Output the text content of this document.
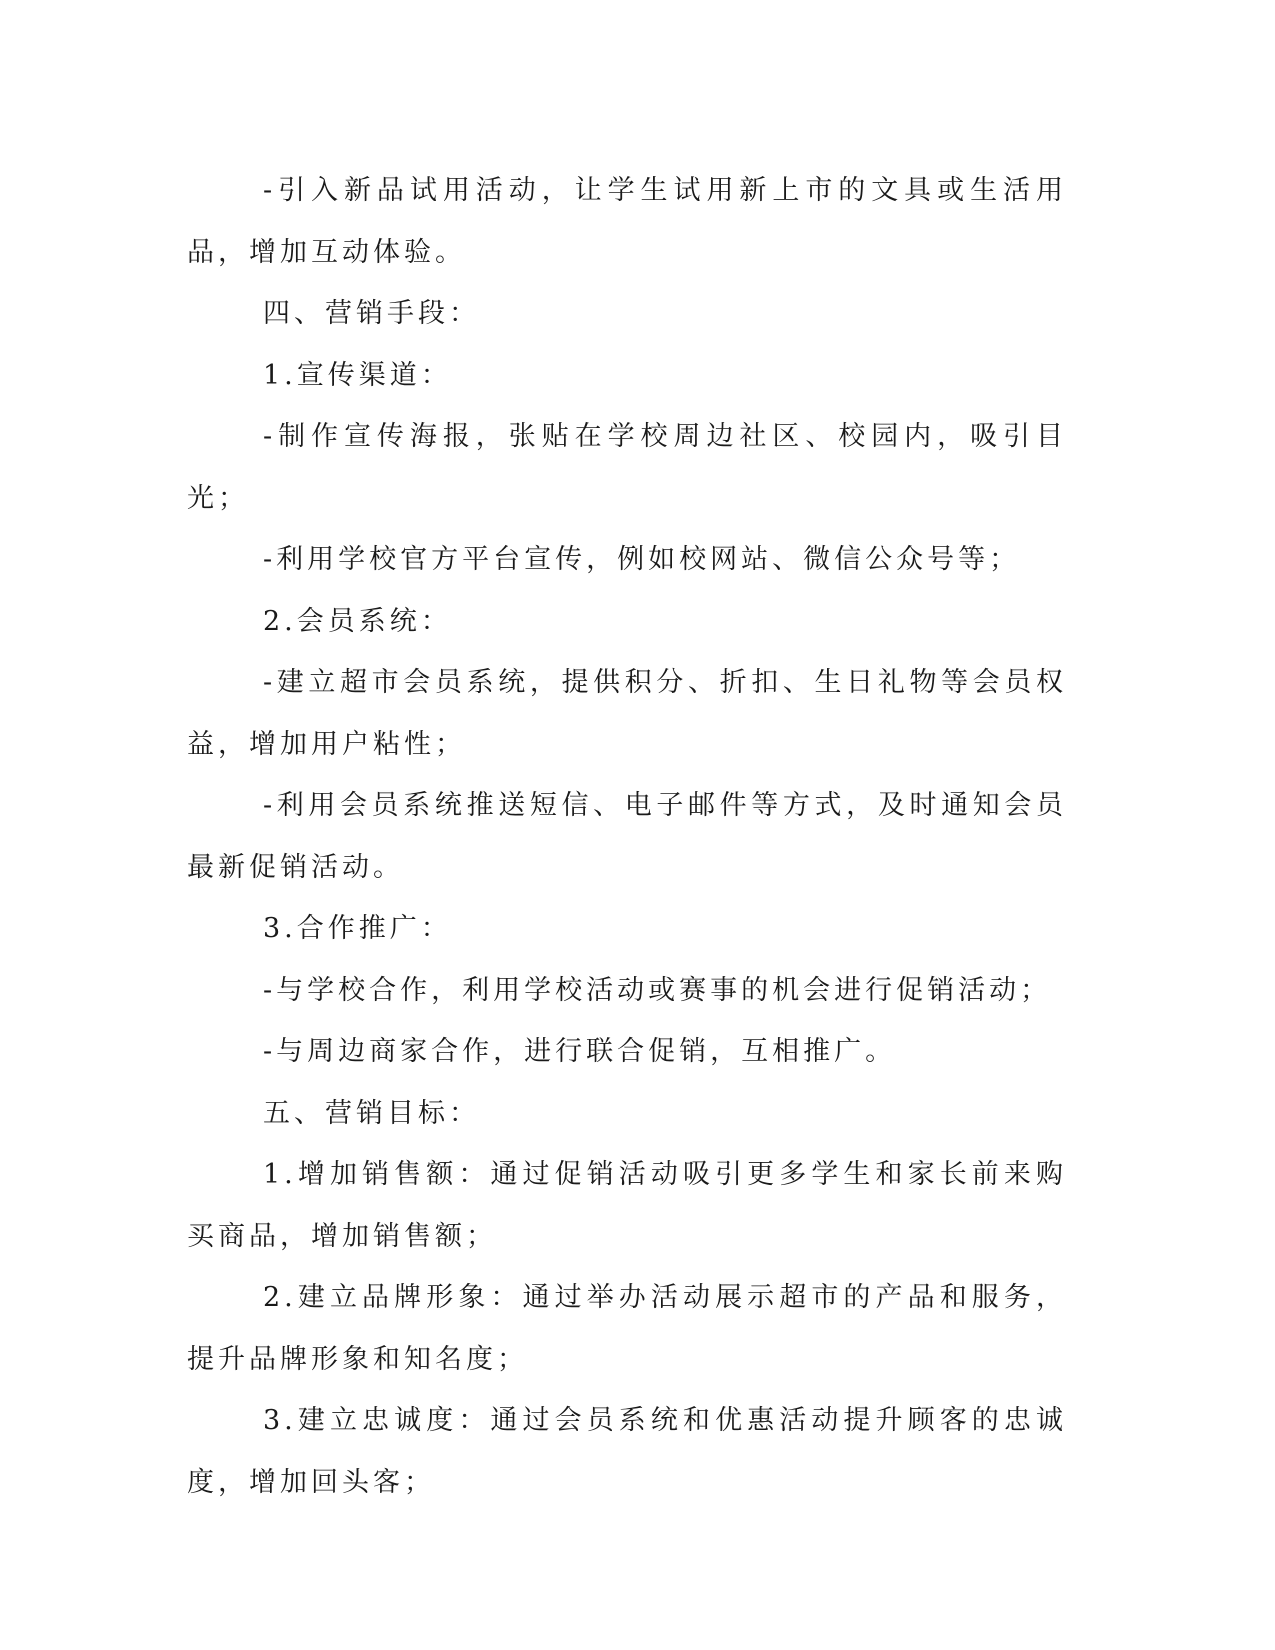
-引入新品试用活动，让学生试用新上市的文具或生活用品，增加互动体验。

四、营销手段：

1.宣传渠道：

-制作宣传海报，张贴在学校周边社区、校园内，吸引目光；

-利用学校官方平台宣传，例如校网站、微信公众号等；

2.会员系统：

-建立超市会员系统，提供积分、折扣、生日礼物等会员权益，增加用户粘性；

-利用会员系统推送短信、电子邮件等方式，及时通知会员最新促销活动。

3.合作推广：

-与学校合作，利用学校活动或赛事的机会进行促销活动；

-与周边商家合作，进行联合促销，互相推广。

五、营销目标：

1.增加销售额：通过促销活动吸引更多学生和家长前来购买商品，增加销售额；

2.建立品牌形象：通过举办活动展示超市的产品和服务，提升品牌形象和知名度；

3.建立忠诚度：通过会员系统和优惠活动提升顾客的忠诚度，增加回头客；
